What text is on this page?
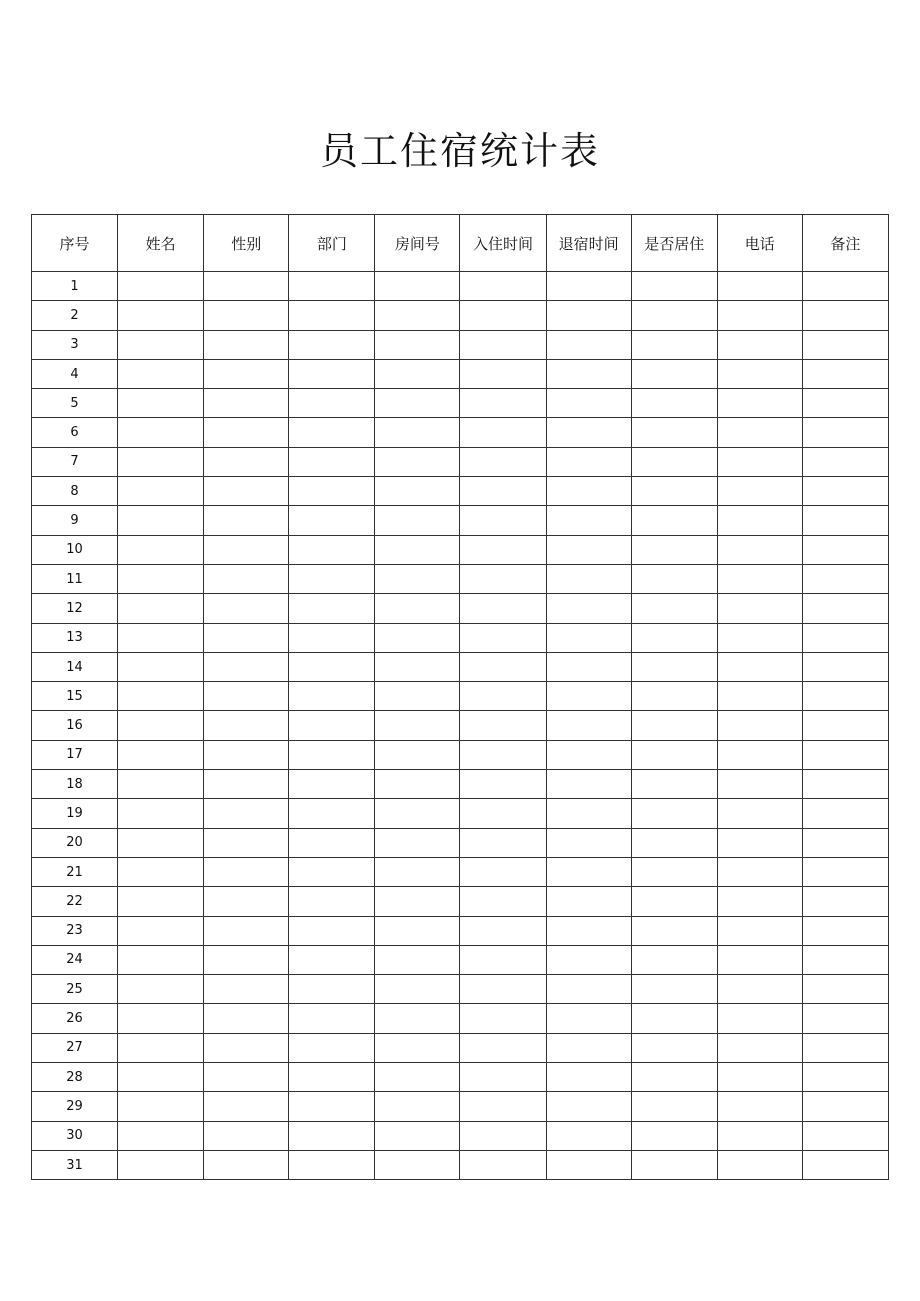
员工住宿统计表
序号	姓名	性别	部门	房间号	入住时间	退宿时间	是否居住	电话	备注
1									
2									
3									
4									
5									
6									
7									
8									
9									
10									
11									
12									
13									
14									
15									
16									
17									
18									
19									
20									
21									
22									
23									
24									
25									
26									
27									
28									
29									
30									
31									
